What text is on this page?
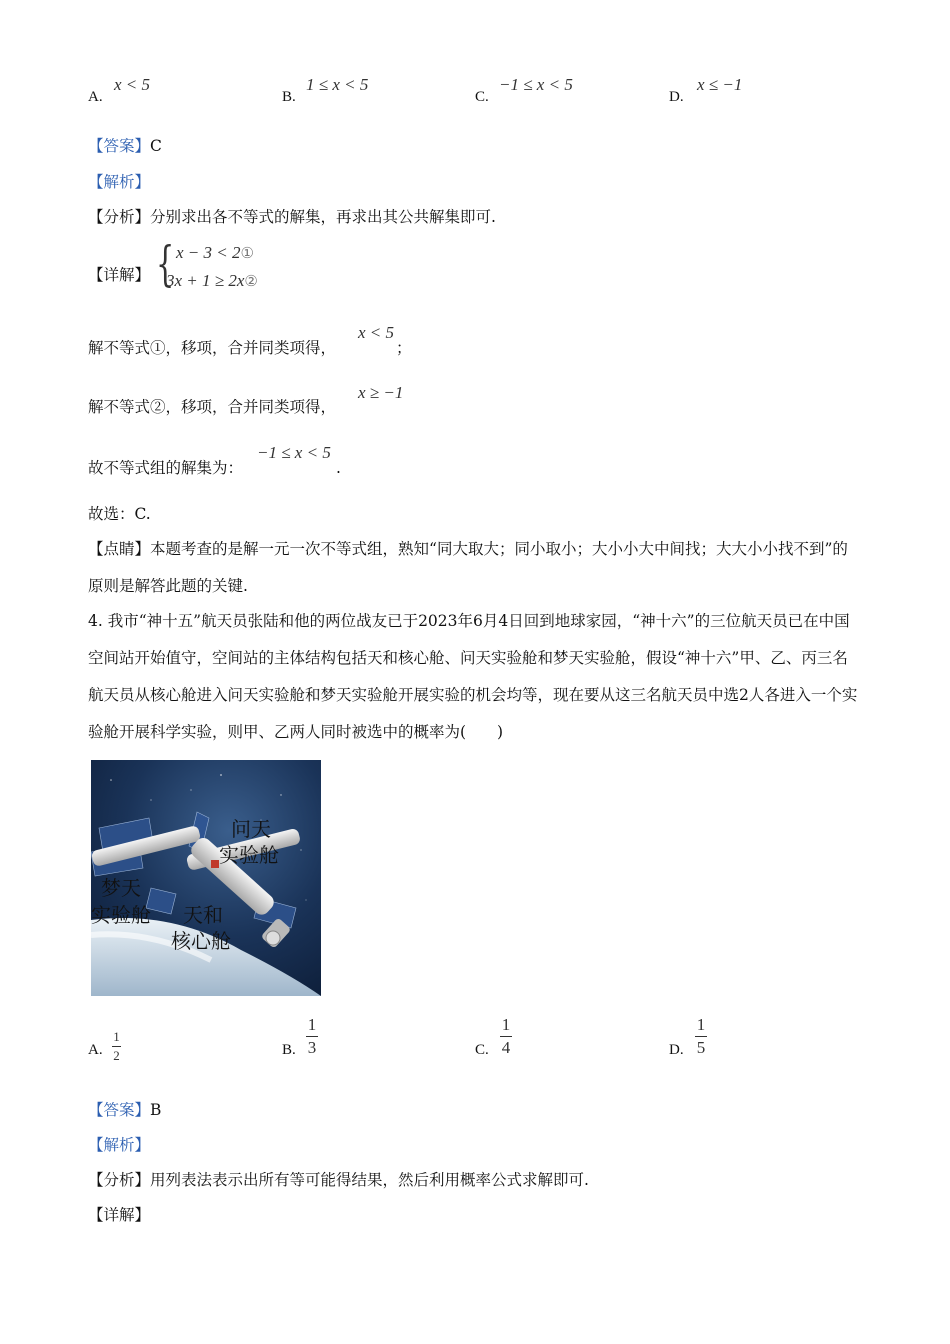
A.
x < 5
B.
1 ≤ x < 5
C.
−1 ≤ x < 5
D.
x ≤ −1
【答案】C
【解析】
【分析】分别求出各不等式的解集，再求出其公共解集即可.
【详解】 { x − 3 < 2①
3x + 1 ≥ 2x②
解不等式①，移项，合并同类项得，
x < 5
；
解不等式②，移项，合并同类项得，
x ≥ −1
故不等式组的解集为：
−1 ≤ x < 5
.
故选：C.
【点睛】本题考查的是解一元一次不等式组，熟知“同大取大；同小取小；大小小大中间找；大大小小找不到”的原则是解答此题的关键.
4. 我市“神十五”航天员张陆和他的两位战友已于2023年6月4日回到地球家园，“神十六”的三位航天员已在中国空间站开始值守，空间站的主体结构包括天和核心舱、问天实验舱和梦天实验舱，假设“神十六”甲、乙、丙三名航天员从核心舱进入问天实验舱和梦天实验舱开展实验的机会均等，现在要从这三名航天员中选2人各进入一个实验舱开展科学实验，则甲、乙两人同时被选中的概率为(　　)
问天
实验舱
梦天
实验舱 天和
核心舱
A.
1
2	B.
1
3	C.
1
4	D.
1
5
【答案】B
【解析】
【分析】用列表法表示出所有等可能得结果，然后利用概率公式求解即可.
【详解】
